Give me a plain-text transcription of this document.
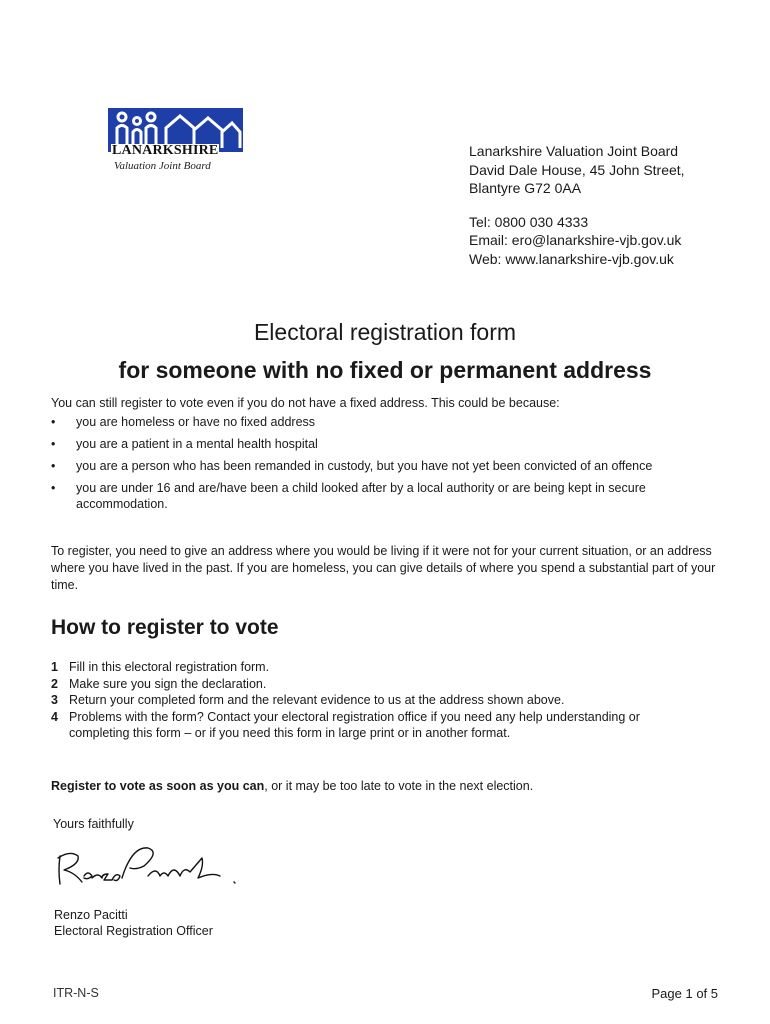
LANARKSHIRE
Valuation Joint Board
Lanarkshire Valuation Joint Board
David Dale House, 45 John Street,
Blantyre G72 0AA
Tel: 0800 030 4333
Email: ero@lanarkshire-vjb.gov.uk
Web: www.lanarkshire-vjb.gov.uk
Electoral registration form
for someone with no fixed or permanent address
You can still register to vote even if you do not have a fixed address. This could be because:
• you are homeless or have no fixed address
• you are a patient in a mental health hospital
• you are a person who has been remanded in custody, but you have not yet been convicted of an offence
• you are under 16 and are/have been a child looked after by a local authority or are being kept in secure accommodation.
To register, you need to give an address where you would be living if it were not for your current situation, or an address where you have lived in the past. If you are homeless, you can give details of where you spend a substantial part of your time.
How to register to vote
1 Fill in this electoral registration form.
2 Make sure you sign the declaration.
3 Return your completed form and the relevant evidence to us at the address shown above.
4 Problems with the form? Contact your electoral registration office if you need any help understanding or completing this form – or if you need this form in large print or in another format.
Register to vote as soon as you can, or it may be too late to vote in the next election.
Yours faithfully
Renzo Pacitti
Electoral Registration Officer
ITR-N-S	Page 1 of 5
